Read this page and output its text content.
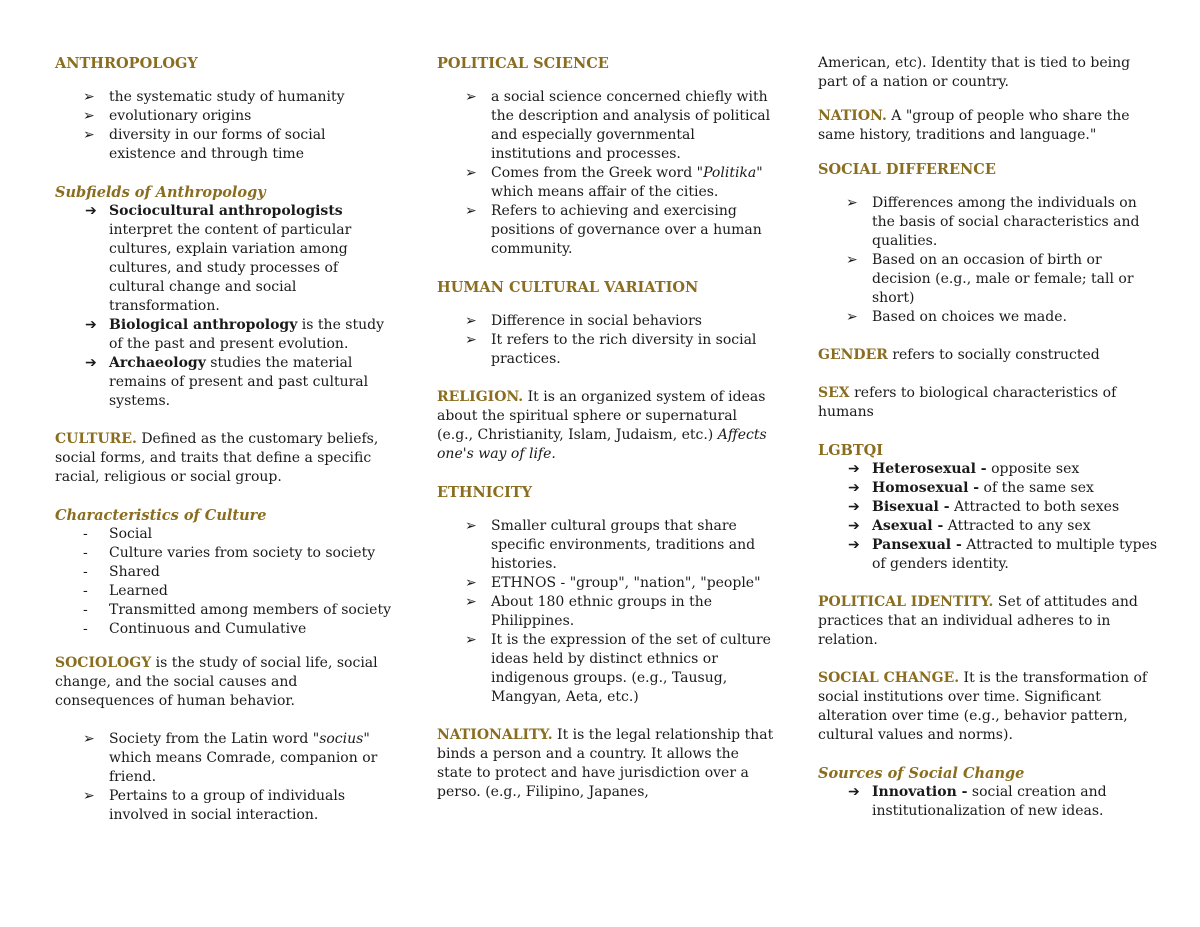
ANTHROPOLOGY

➢ the systematic study of humanity
➢ evolutionary origins
➢ diversity in our forms of social existence and through time

Subfields of Anthropology

➔ Sociocultural anthropologists interpret the content of particular cultures, explain variation among cultures, and study processes of cultural change and social transformation.
➔ Biological anthropology is the study of the past and present evolution.
➔ Archaeology studies the material remains of present and past cultural systems.

CULTURE. Defined as the customary beliefs, social forms, and traits that define a specific racial, religious or social group.

Characteristics of Culture

- Social
- Culture varies from society to society
- Shared
- Learned
- Transmitted among members of society
- Continuous and Cumulative

SOCIOLOGY is the study of social life, social change, and the social causes and consequences of human behavior.

➢ Society from the Latin word "socius" which means Comrade, companion or friend.
➢ Pertains to a group of individuals involved in social interaction.

POLITICAL SCIENCE

➢ a social science concerned chiefly with the description and analysis of political and especially governmental institutions and processes.
➢ Comes from the Greek word "Politika" which means affair of the cities.
➢ Refers to achieving and exercising positions of governance over a human community.

HUMAN CULTURAL VARIATION

➢ Difference in social behaviors
➢ It refers to the rich diversity in social practices.

RELIGION. It is an organized system of ideas about the spiritual sphere or supernatural (e.g., Christianity, Islam, Judaism, etc.) Affects one's way of life.

ETHNICITY

➢ Smaller cultural groups that share specific environments, traditions and histories.
➢ ETHNOS - "group", "nation", "people"
➢ About 180 ethnic groups in the Philippines.
➢ It is the expression of the set of culture ideas held by distinct ethnics or indigenous groups. (e.g., Tausug, Mangyan, Aeta, etc.)

NATIONALITY. It is the legal relationship that binds a person and a country. It allows the state to protect and have jurisdiction over a perso. (e.g., Filipino, Japanes,

American, etc). Identity that is tied to being part of a nation or country.

NATION. A "group of people who share the same history, traditions and language."

SOCIAL DIFFERENCE

➢ Differences among the individuals on the basis of social characteristics and qualities.
➢ Based on an occasion of birth or decision (e.g., male or female; tall or short)
➢ Based on choices we made.

GENDER refers to socially constructed

SEX refers to biological characteristics of humans

LGBTQI

➔ Heterosexual - opposite sex
➔ Homosexual - of the same sex
➔ Bisexual - Attracted to both sexes
➔ Asexual - Attracted to any sex
➔ Pansexual - Attracted to multiple types of genders identity.

POLITICAL IDENTITY. Set of attitudes and practices that an individual adheres to in relation.

SOCIAL CHANGE. It is the transformation of social institutions over time. Significant alteration over time (e.g., behavior pattern, cultural values and norms).

Sources of Social Change

➔ Innovation - social creation and institutionalization of new ideas.
